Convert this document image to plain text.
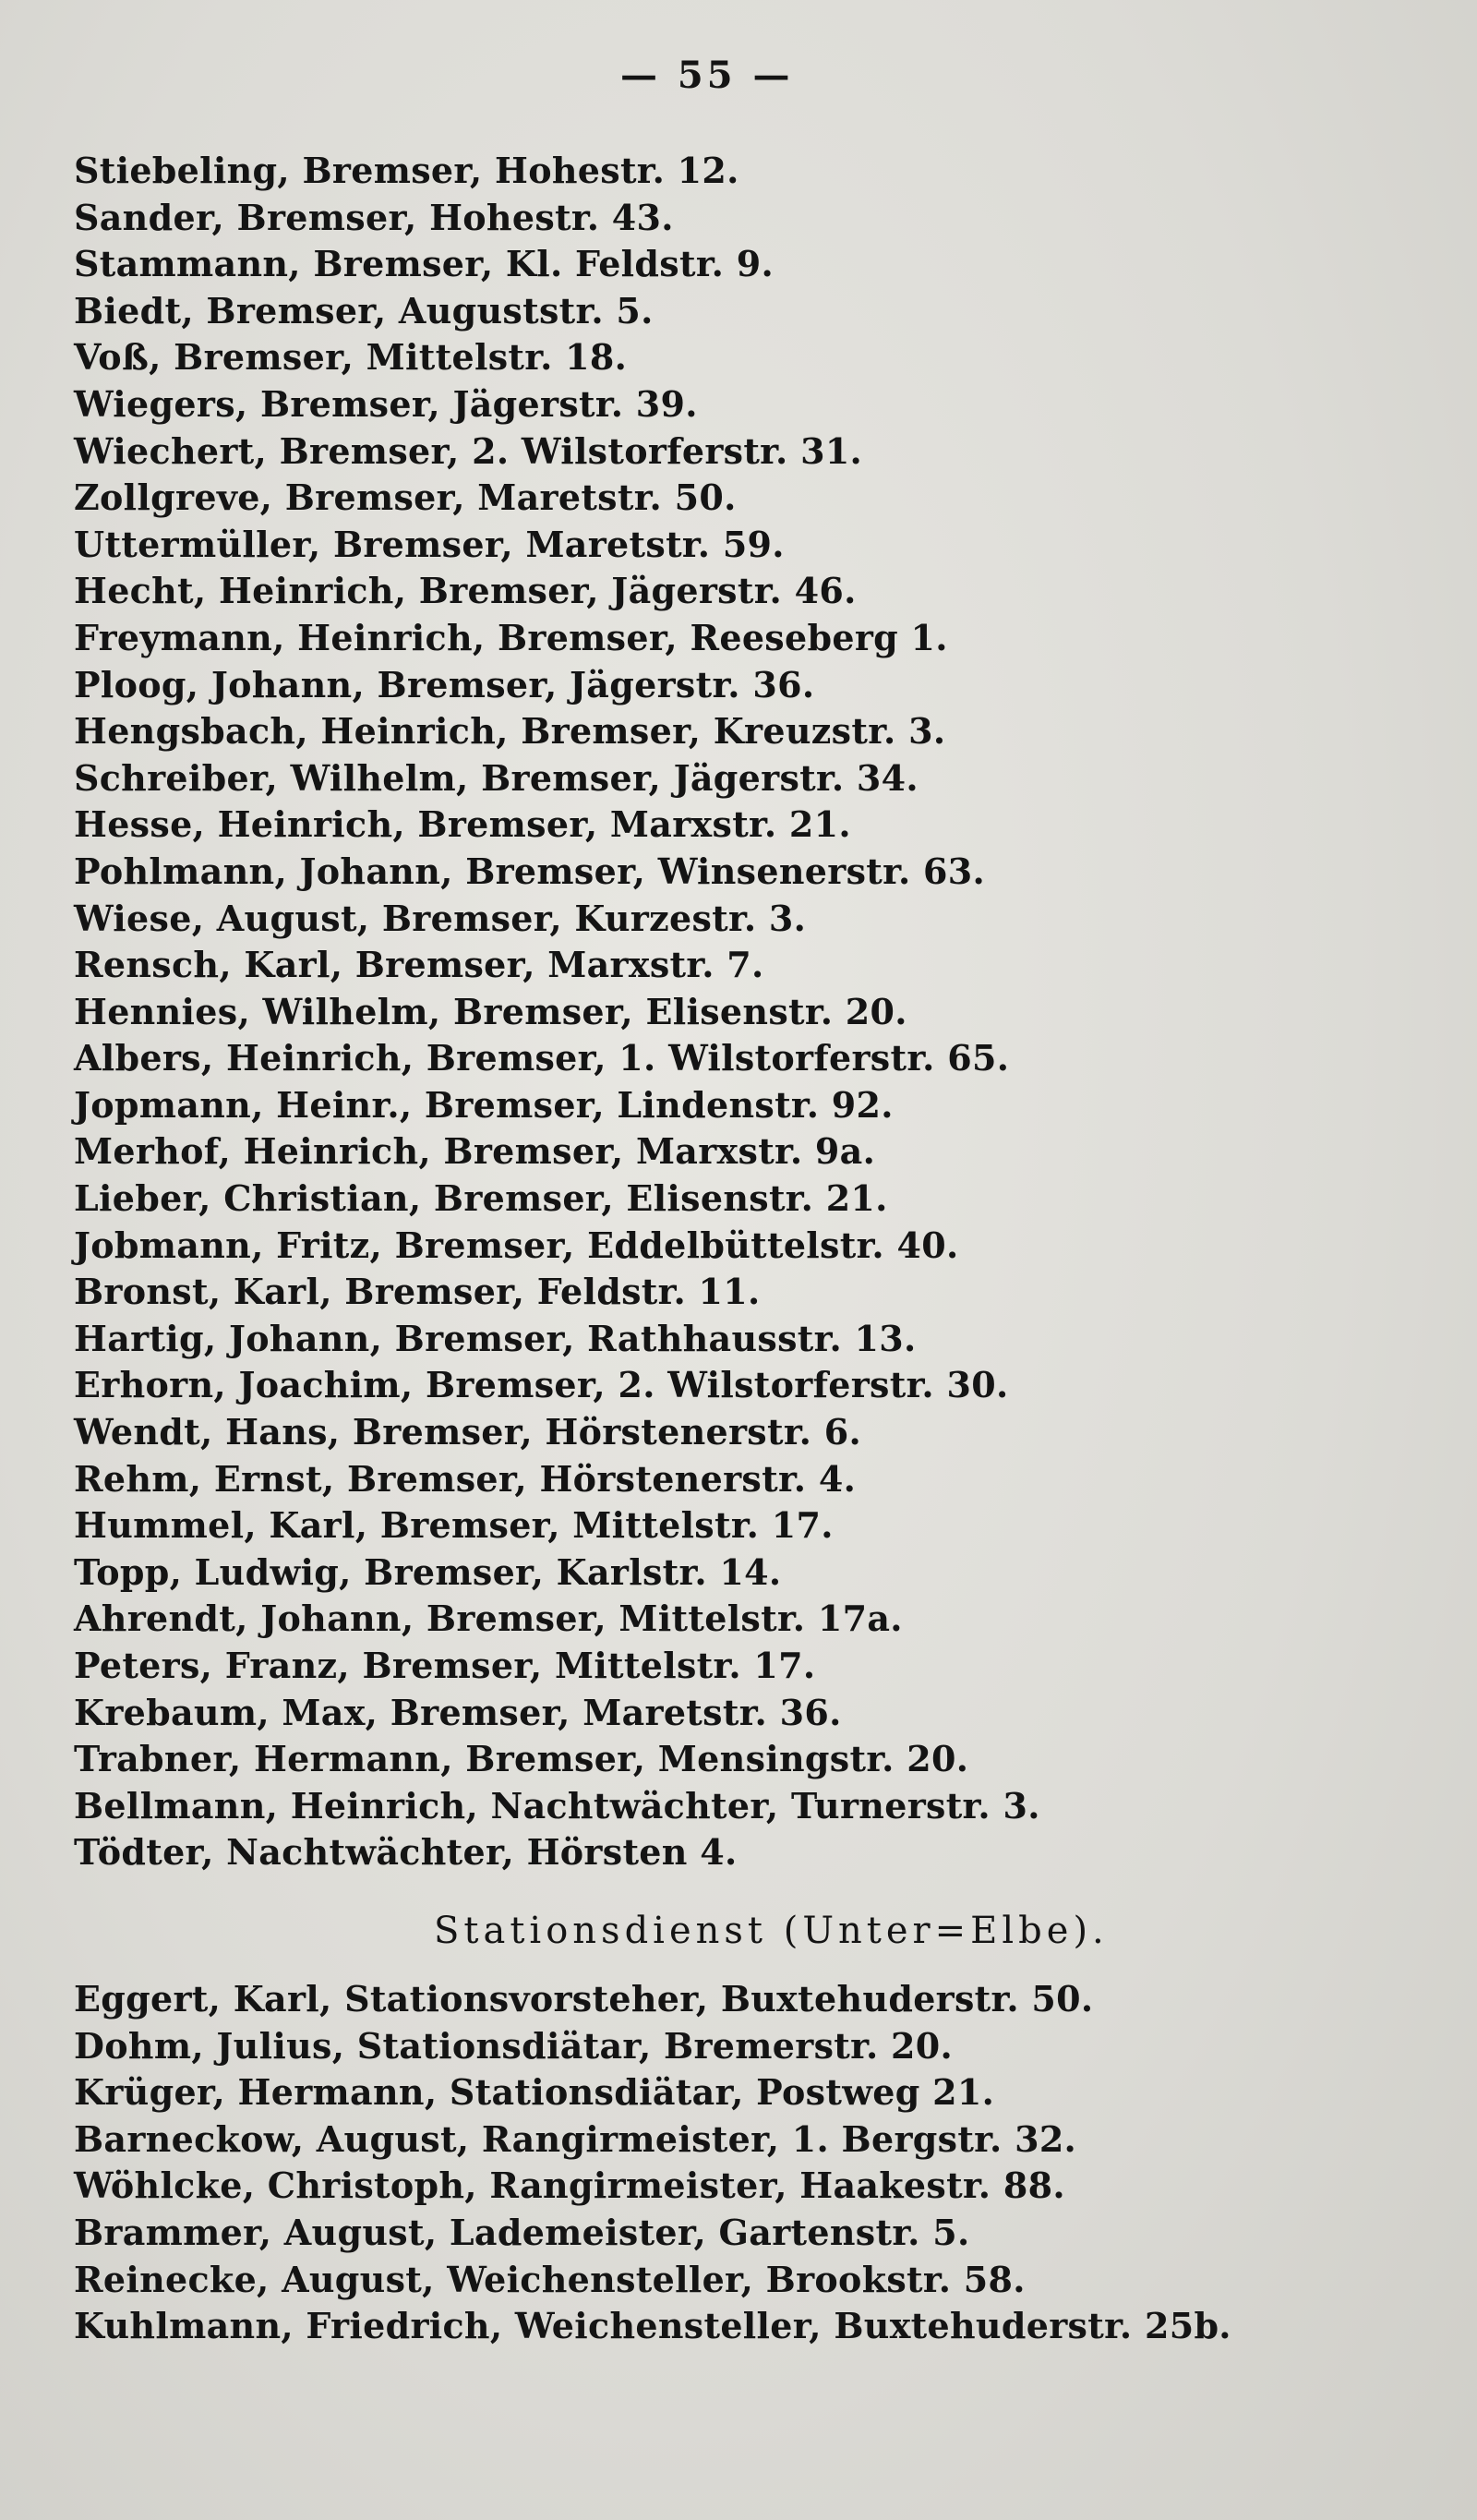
— 55 —
Stiebeling, Bremser, Hohestr. 12.
Sander, Bremser, Hohestr. 43.
Stammann, Bremser, Kl. Feldstr. 9.
Biedt, Bremser, Auguststr. 5.
Voß, Bremser, Mittelstr. 18.
Wiegers, Bremser, Jägerstr. 39.
Wiechert, Bremser, 2. Wilstorferstr. 31.
Zollgreve, Bremser, Maretstr. 50.
Uttermüller, Bremser, Maretstr. 59.
Hecht, Heinrich, Bremser, Jägerstr. 46.
Freymann, Heinrich, Bremser, Reeseberg 1.
Ploog, Johann, Bremser, Jägerstr. 36.
Hengsbach, Heinrich, Bremser, Kreuzstr. 3.
Schreiber, Wilhelm, Bremser, Jägerstr. 34.
Hesse, Heinrich, Bremser, Marxstr. 21.
Pohlmann, Johann, Bremser, Winsenerstr. 63.
Wiese, August, Bremser, Kurzestr. 3.
Rensch, Karl, Bremser, Marxstr. 7.
Hennies, Wilhelm, Bremser, Elisenstr. 20.
Albers, Heinrich, Bremser, 1. Wilstorferstr. 65.
Jopmann, Heinr., Bremser, Lindenstr. 92.
Merhof, Heinrich, Bremser, Marxstr. 9a.
Lieber, Christian, Bremser, Elisenstr. 21.
Jobmann, Fritz, Bremser, Eddelbüttelstr. 40.
Bronst, Karl, Bremser, Feldstr. 11.
Hartig, Johann, Bremser, Rathhausstr. 13.
Erhorn, Joachim, Bremser, 2. Wilstorferstr. 30.
Wendt, Hans, Bremser, Hörstenerstr. 6.
Rehm, Ernst, Bremser, Hörstenerstr. 4.
Hummel, Karl, Bremser, Mittelstr. 17.
Topp, Ludwig, Bremser, Karlstr. 14.
Ahrendt, Johann, Bremser, Mittelstr. 17a.
Peters, Franz, Bremser, Mittelstr. 17.
Krebaum, Max, Bremser, Maretstr. 36.
Trabner, Hermann, Bremser, Mensingstr. 20.
Bellmann, Heinrich, Nachtwächter, Turnerstr. 3.
Tödter, Nachtwächter, Hörsten 4.
Stationsdienst (Unter=Elbe).
Eggert, Karl, Stationsvorsteher, Buxtehuderstr. 50.
Dohm, Julius, Stationsdiätar, Bremerstr. 20.
Krüger, Hermann, Stationsdiätar, Postweg 21.
Barneckow, August, Rangirmeister, 1. Bergstr. 32.
Wöhlcke, Christoph, Rangirmeister, Haakestr. 88.
Brammer, August, Lademeister, Gartenstr. 5.
Reinecke, August, Weichensteller, Brookstr. 58.
Kuhlmann, Friedrich, Weichensteller, Buxtehuderstr. 25b.
